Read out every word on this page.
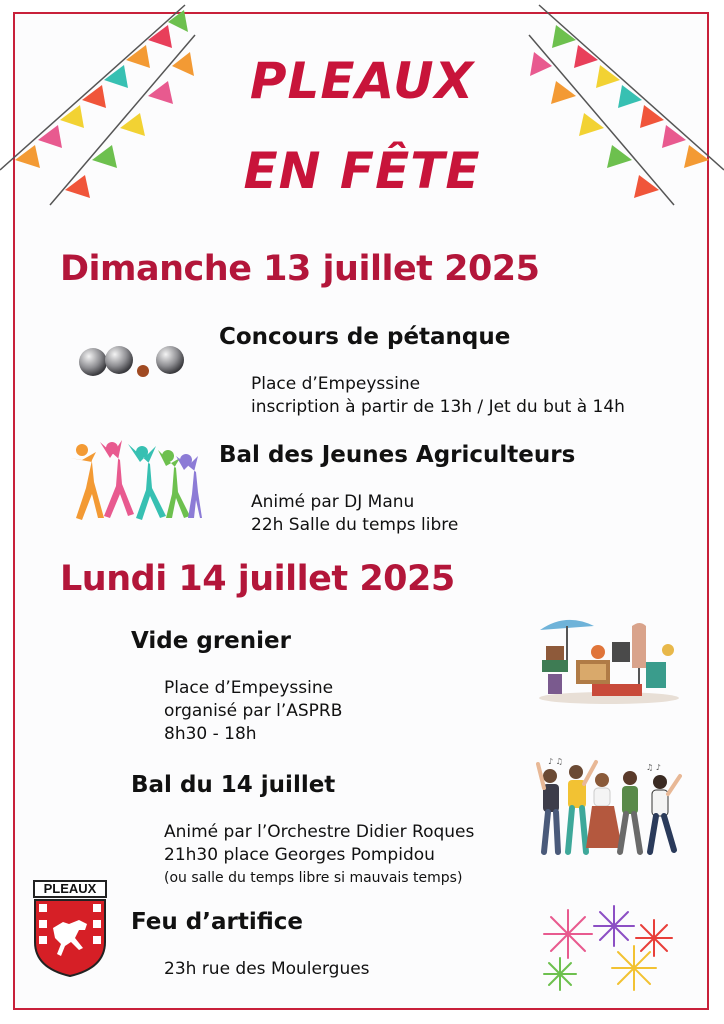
PLEAUX
EN FÊTE
Dimanche 13 juillet 2025
Concours de pétanque
Place d’Empeyssine
inscription à partir de 13h / Jet du but à 14h
Bal des Jeunes Agriculteurs
Animé par DJ Manu
22h Salle du temps libre
Lundi 14 juillet 2025
Vide grenier
Place d’Empeyssine
organisé par l’ASPRB
8h30 - 18h
Bal du 14 juillet
Animé par l’Orchestre Didier Roques
21h30 place Georges Pompidou
(ou salle du temps libre si mauvais temps)
♪ ♫
♫ ♪
Feu d’artifice
23h rue des Moulergues
PLEAUX
